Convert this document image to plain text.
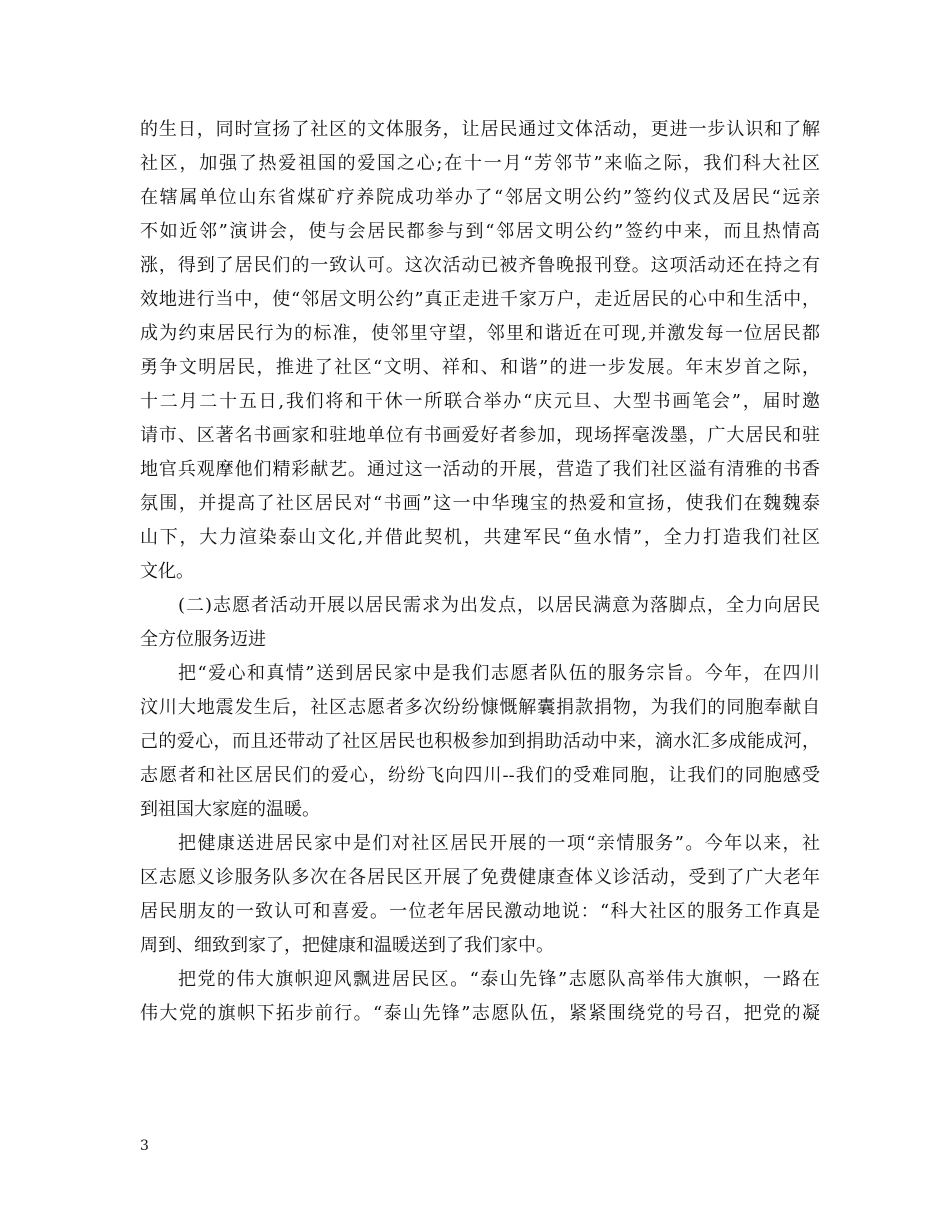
的生日，同时宣扬了社区的文体服务，让居民通过文体活动，更进一步认识和了解
社区，加强了热爱祖国的爱国之心;在十一月“芳邻节”来临之际，我们科大社区
在辖属单位山东省煤矿疗养院成功举办了“邻居文明公约”签约仪式及居民“远亲
不如近邻”演讲会，使与会居民都参与到“邻居文明公约”签约中来，而且热情高
涨，得到了居民们的一致认可。这次活动已被齐鲁晚报刊登。这项活动还在持之有
效地进行当中，使“邻居文明公约”真正走进千家万户，走近居民的心中和生活中，
成为约束居民行为的标准，使邻里守望，邻里和谐近在可现,并激发每一位居民都
勇争文明居民，推进了社区“文明、祥和、和谐”的进一步发展。年末岁首之际，
十二月二十五日,我们将和干休一所联合举办“庆元旦、大型书画笔会”，届时邀
请市、区著名书画家和驻地单位有书画爱好者参加，现场挥毫泼墨，广大居民和驻
地官兵观摩他们精彩献艺。通过这一活动的开展，营造了我们社区溢有清雅的书香
氛围，并提高了社区居民对“书画”这一中华瑰宝的热爱和宣扬，使我们在魏魏泰
山下，大力渲染泰山文化,并借此契机，共建军民“鱼水情”，全力打造我们社区
文化。
(二)志愿者活动开展以居民需求为出发点，以居民满意为落脚点，全力向居民
全方位服务迈进
把“爱心和真情”送到居民家中是我们志愿者队伍的服务宗旨。今年，在四川
汶川大地震发生后，社区志愿者多次纷纷慷慨解囊捐款捐物，为我们的同胞奉献自
己的爱心，而且还带动了社区居民也积极参加到捐助活动中来，滴水汇多成能成河，
志愿者和社区居民们的爱心，纷纷飞向四川--我们的受难同胞，让我们的同胞感受
到祖国大家庭的温暖。
把健康送进居民家中是们对社区居民开展的一项“亲情服务”。今年以来，社
区志愿义诊服务队多次在各居民区开展了免费健康查体义诊活动，受到了广大老年
居民朋友的一致认可和喜爱。一位老年居民激动地说：“科大社区的服务工作真是
周到、细致到家了，把健康和温暖送到了我们家中。
把党的伟大旗帜迎风飘进居民区。“泰山先锋”志愿队高举伟大旗帜，一路在
伟大党的旗帜下拓步前行。“泰山先锋”志愿队伍，紧紧围绕党的号召，把党的凝
3
